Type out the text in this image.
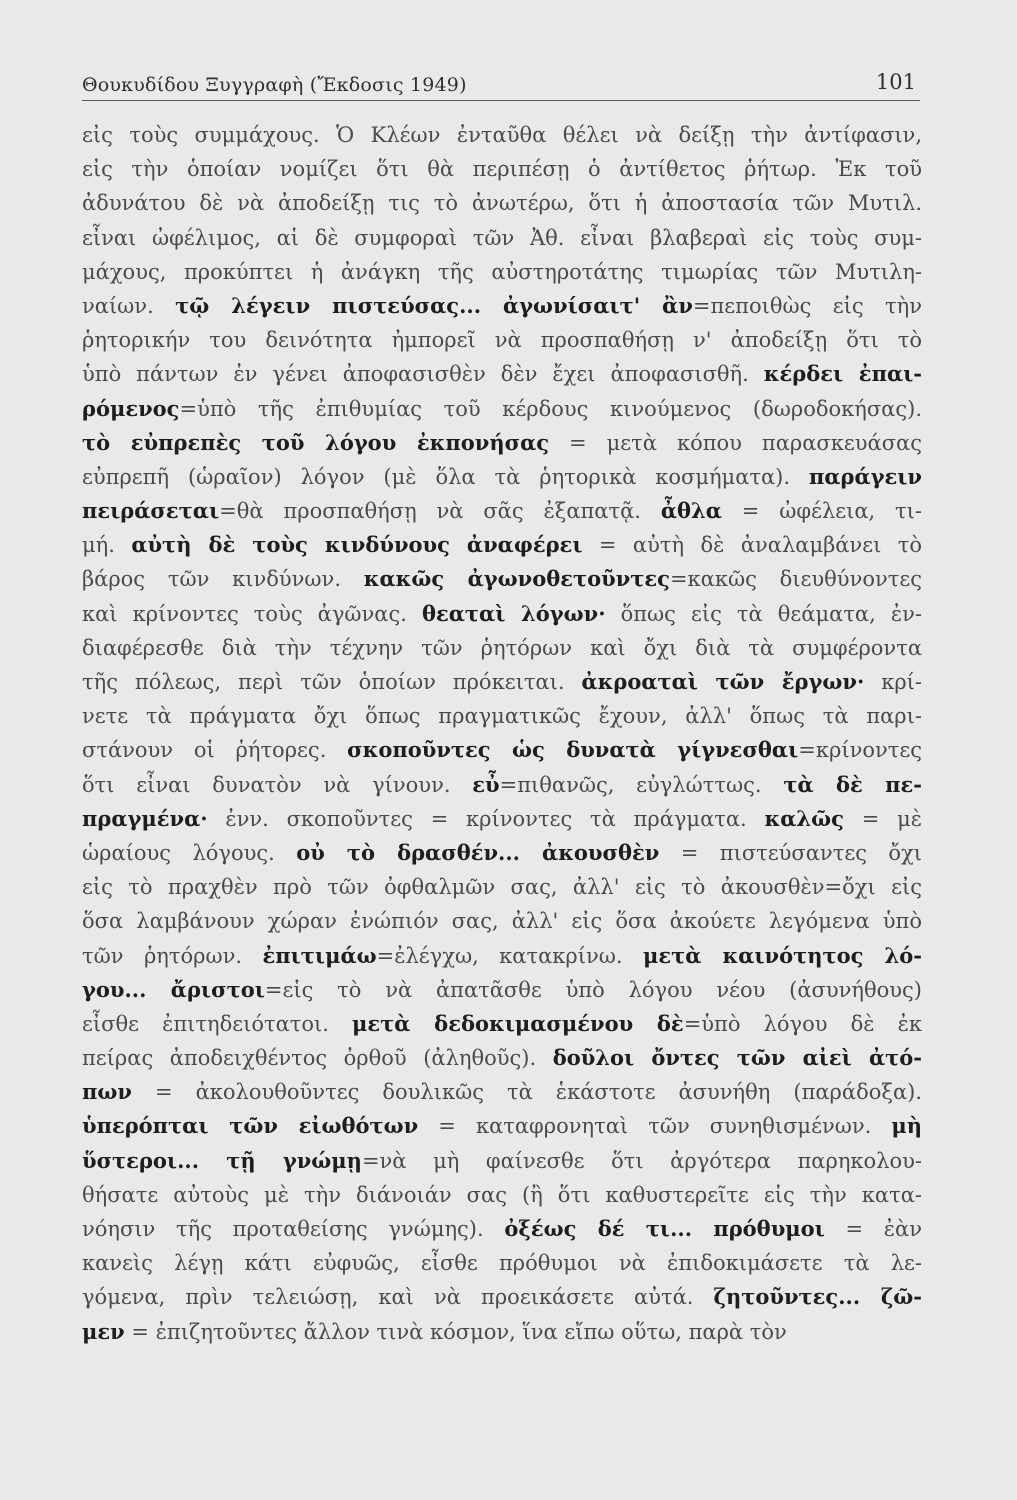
Θουκυδίδου Ξυγγραφὴ (Ἔκδοσις 1949)	101
εἰς τοὺς συμμάχους. Ὁ Κλέων ἐνταῦθα θέλει νὰ δείξῃ τὴν ἀντίφασιν,
εἰς τὴν ὁποίαν νομίζει ὅτι θὰ περιπέσῃ ὁ ἀντίθετος ῥήτωρ. Ἐκ τοῦ
ἀδυνάτου δὲ νὰ ἀποδείξῃ τις τὸ ἀνωτέρω, ὅτι ἡ ἀποστασία τῶν Μυτιλ.
εἶναι ὠφέλιμος, αἱ δὲ συμφοραὶ τῶν Ἀθ. εἶναι βλαβεραὶ εἰς τοὺς συμ-
μάχους, προκύπτει ἡ ἀνάγκη τῆς αὐστηροτάτης τιμωρίας τῶν Μυτιλη-
ναίων. τῷ λέγειν πιστεύσας... ἀγωνίσαιτ' ἂν=πεποιθὼς εἰς τὴν
ῥητορικήν του δεινότητα ἠμπορεῖ νὰ προσπαθήσῃ ν' ἀποδείξῃ ὅτι τὸ
ὑπὸ πάντων ἐν γένει ἀποφασισθὲν δὲν ἔχει ἀποφασισθῆ. κέρδει ἐπαι-
ρόμενος=ὑπὸ τῆς ἐπιθυμίας τοῦ κέρδους κινούμενος (δωροδοκήσας).
τὸ εὐπρεπὲς τοῦ λόγου ἐκπονήσας = μετὰ κόπου παρασκευάσας
εὐπρεπῆ (ὡραῖον) λόγον (μὲ ὅλα τὰ ῥητορικὰ κοσμήματα). παράγειν
πειράσεται=θὰ προσπαθήσῃ νὰ σᾶς ἐξαπατᾷ. ἆθλα = ὠφέλεια, τι-
μή. αὐτὴ δὲ τοὺς κινδύνους ἀναφέρει = αὐτὴ δὲ ἀναλαμβάνει τὸ
βάρος τῶν κινδύνων. κακῶς ἀγωνοθετοῦντες=κακῶς διευθύνοντες
καὶ κρίνοντες τοὺς ἀγῶνας. θεαταὶ λόγων· ὅπως εἰς τὰ θεάματα, ἐν-
διαφέρεσθε διὰ τὴν τέχνην τῶν ῥητόρων καὶ ὄχι διὰ τὰ συμφέροντα
τῆς πόλεως, περὶ τῶν ὁποίων πρόκειται. ἀκροαταὶ τῶν ἔργων· κρί-
νετε τὰ πράγματα ὄχι ὅπως πραγματικῶς ἔχουν, ἀλλ' ὅπως τὰ παρι-
στάνουν οἱ ῥήτορες. σκοποῦντες ὡς δυνατὰ γίγνεσθαι=κρίνοντες
ὅτι εἶναι δυνατὸν νὰ γίνουν. εὖ=πιθανῶς, εὐγλώττως. τὰ δὲ πε-
πραγμένα· ἐνν. σκοποῦντες = κρίνοντες τὰ πράγματα. καλῶς = μὲ
ὡραίους λόγους. οὐ τὸ δρασθέν... ἀκουσθὲν = πιστεύσαντες ὄχι
εἰς τὸ πραχθὲν πρὸ τῶν ὀφθαλμῶν σας, ἀλλ' εἰς τὸ ἀκουσθὲν=ὄχι εἰς
ὅσα λαμβάνουν χώραν ἐνώπιόν σας, ἀλλ' εἰς ὅσα ἀκούετε λεγόμενα ὑπὸ
τῶν ῥητόρων. ἐπιτιμάω=ἐλέγχω, κατακρίνω. μετὰ καινότητος λό-
γου... ἄριστοι=εἰς τὸ νὰ ἀπατᾶσθε ὑπὸ λόγου νέου (ἀσυνήθους)
εἶσθε ἐπιτηδειότατοι. μετὰ δεδοκιμασμένου δὲ=ὑπὸ λόγου δὲ ἐκ
πείρας ἀποδειχθέντος ὀρθοῦ (ἀληθοῦς). δοῦλοι ὄντες τῶν αἰεὶ ἀτό-
πων = ἀκολουθοῦντες δουλικῶς τὰ ἑκάστοτε ἀσυνήθη (παράδοξα).
ὑπερόπται τῶν εἰωθότων = καταφρονηταὶ τῶν συνηθισμένων. μὴ
ὕστεροι... τῇ γνώμῃ=νὰ μὴ φαίνεσθε ὅτι ἀργότερα παρηκολου-
θήσατε αὐτοὺς μὲ τὴν διάνοιάν σας (ἢ ὅτι καθυστερεῖτε εἰς τὴν κατα-
νόησιν τῆς προταθείσης γνώμης). ὀξέως δέ τι... πρόθυμοι = ἐὰν
κανεὶς λέγῃ κάτι εὐφυῶς, εἶσθε πρόθυμοι νὰ ἐπιδοκιμάσετε τὰ λε-
γόμενα, πρὶν τελειώσῃ, καὶ νὰ προεικάσετε αὐτά. ζητοῦντες... ζῶ-
μεν = ἐπιζητοῦντες ἄλλον τινὰ κόσμον, ἵνα εἴπω οὕτω, παρὰ τὸν
